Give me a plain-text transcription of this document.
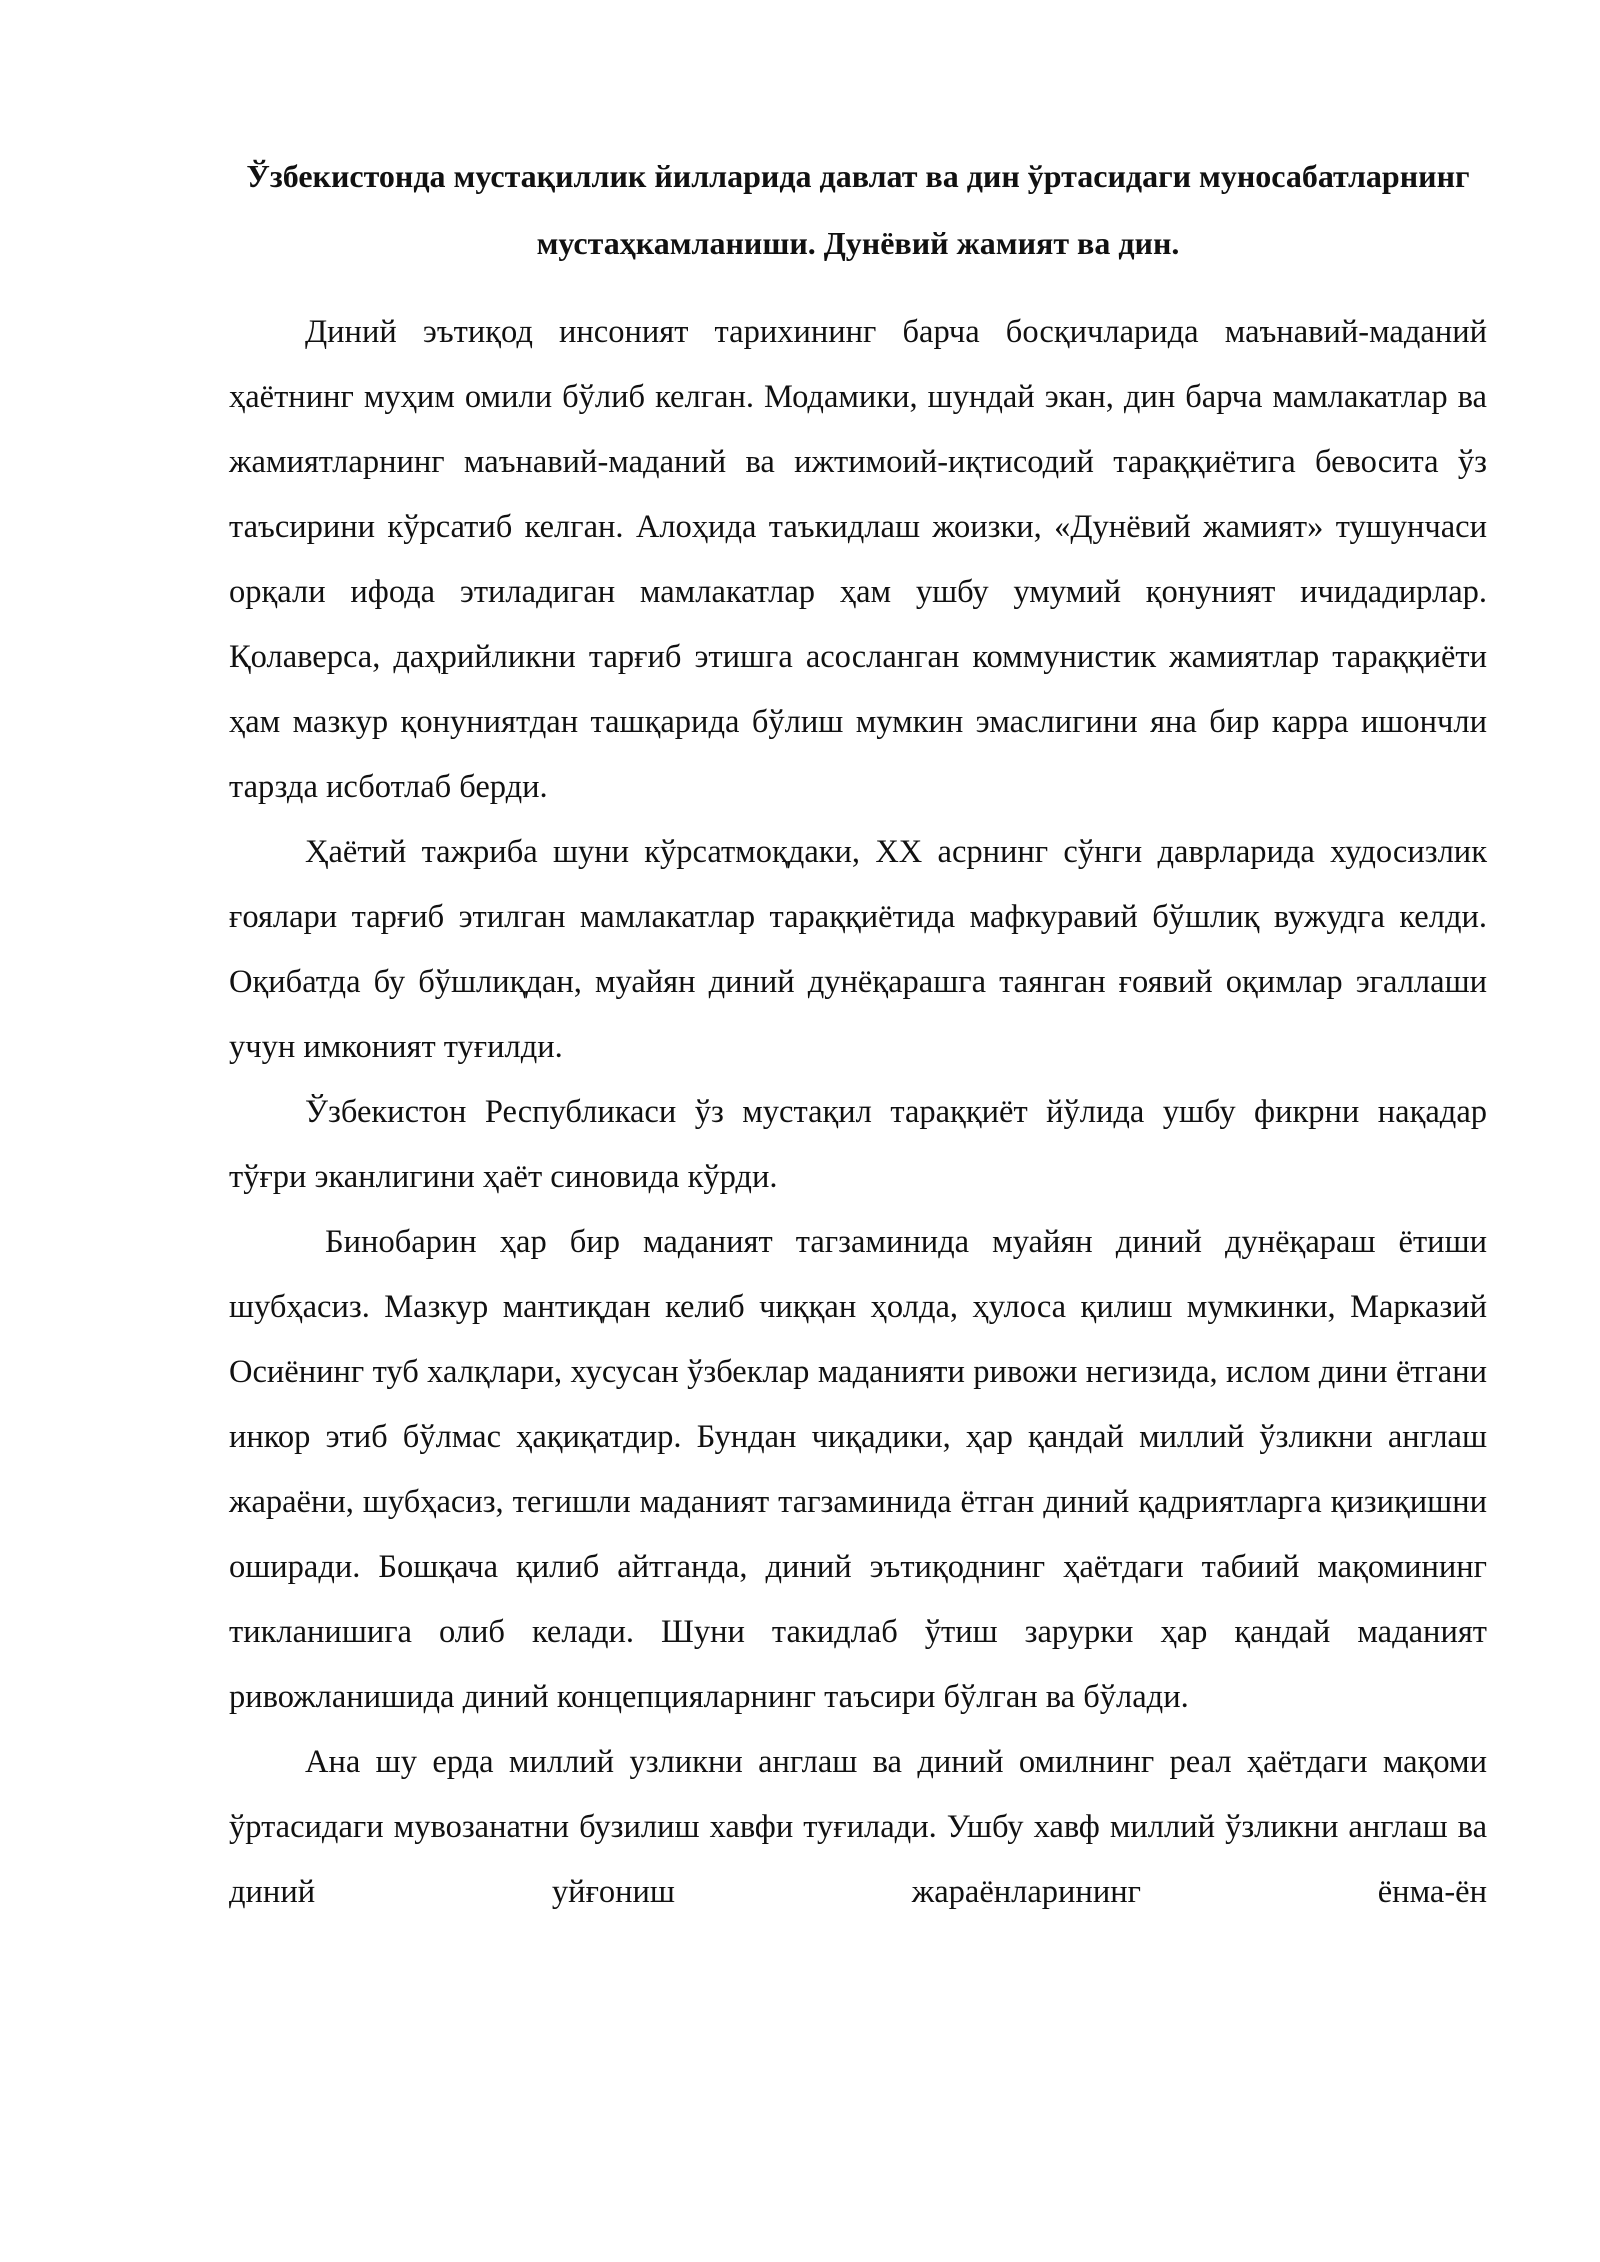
Ўзбекистонда мустақиллик йилларида давлат ва дин ўртасидаги муносабатларнинг мустаҳкамланиши. Дунёвий жамият ва дин.

Диний эътиқод инсоният тарихининг барча босқичларида маънавий-маданий ҳаётнинг муҳим омили бўлиб келган. Модамики, шундай экан, дин барча мамлакатлар ва жамиятларнинг маънавий-маданий ва ижтимоий-иқтисодий тараққиётига бевосита ўз таъсирини кўрсатиб келган. Алоҳида таъкидлаш жоизки, «Дунёвий жамият» тушунчаси орқали ифода этиладиган мамлакатлар ҳам ушбу умумий қонуният ичидадирлар. Қолаверса, даҳрийликни тарғиб этишга асосланган коммунистик жамиятлар тараққиёти ҳам мазкур қонуниятдан ташқарида бўлиш мумкин эмаслигини яна бир карра ишончли тарзда исботлаб берди.

Ҳаётий тажриба шуни кўрсатмоқдаки, XX асрнинг сўнги даврларида худосизлик ғоялари тарғиб этилган мамлакатлар тараққиётида мафкуравий бўшлиқ вужудга келди. Оқибатда бу бўшлиқдан, муайян диний дунёқарашга таянган ғоявий оқимлар эгаллаши учун имконият туғилди.

Ўзбекистон Республикаси ўз мустақил тараққиёт йўлида ушбу фикрни нақадар тўғри эканлигини ҳаёт синовида кўрди.

Бинобарин ҳар бир маданият тагзаминида муайян диний дунёқараш ётиши шубҳасиз. Мазкур мантиқдан келиб чиққан ҳолда, ҳулоса қилиш мумкинки, Марказий Осиёнинг туб халқлари, хусусан ўзбеклар маданияти ривожи негизида, ислом дини ётгани инкор этиб бўлмас ҳақиқатдир. Бундан чиқадики, ҳар қандай миллий ўзликни англаш жараёни, шубҳасиз, тегишли маданият тагзаминида ётган диний қадриятларга қизиқишни оширади. Бошқача қилиб айтганда, диний эътиқоднинг ҳаётдаги табиий мақомининг тикланишига олиб келади. Шуни такидлаб ўтиш зарурки ҳар қандай маданият ривожланишида диний концепцияларнинг таъсири бўлган ва бўлади.

Ана шу ерда миллий узликни англаш ва диний омилнинг реал ҳаётдаги мақоми ўртасидаги мувозанатни бузилиш хавфи туғилади. Ушбу хавф миллий ўзликни англаш ва диний уйғониш жараёнларининг ёнма-ён
